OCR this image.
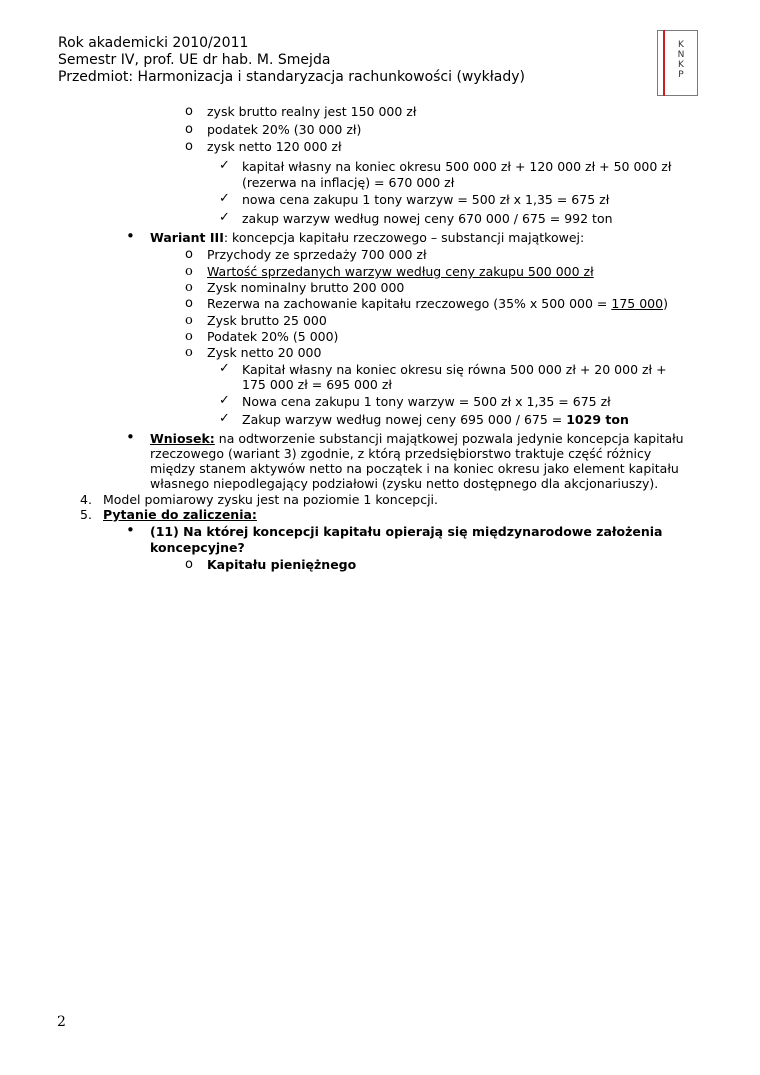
Rok akademicki 2010/2011
Semestr IV, prof. UE dr hab. M. Smejda
Przedmiot: Harmonizacja i standaryzacja rachunkowości (wykłady)
K
N
K
P
o zysk brutto realny jest 150 000 zł
o podatek 20% (30 000 zł)
o zysk netto 120 000 zł
✓ kapitał własny na koniec okresu 500 000 zł + 120 000 zł + 50 000 zł
(rezerwa na inflację) = 670 000 zł
✓ nowa cena zakupu 1 tony warzyw = 500 zł x 1,35 = 675 zł
✓ zakup warzyw według nowej ceny 670 000 / 675 = 992 ton
• Wariant III: koncepcja kapitału rzeczowego – substancji majątkowej:
o Przychody ze sprzedaży 700 000 zł
o Wartość sprzedanych warzyw według ceny zakupu 500 000 zł
o Zysk nominalny brutto 200 000
o Rezerwa na zachowanie kapitału rzeczowego (35% x 500 000 = 175 000)
o Zysk brutto 25 000
o Podatek 20% (5 000)
o Zysk netto 20 000
✓ Kapitał własny na koniec okresu się równa 500 000 zł + 20 000 zł +
175 000 zł = 695 000 zł
✓ Nowa cena zakupu 1 tony warzyw = 500 zł x 1,35 = 675 zł
✓ Zakup warzyw według nowej ceny 695 000 / 675 = 1029 ton
• Wniosek: na odtworzenie substancji majątkowej pozwala jedynie koncepcja kapitału
rzeczowego (wariant 3) zgodnie, z którą przedsiębiorstwo traktuje część różnicy
między stanem aktywów netto na początek i na koniec okresu jako element kapitału
własnego niepodlegający podziałowi (zysku netto dostępnego dla akcjonariuszy).
4. Model pomiarowy zysku jest na poziomie 1 koncepcji.
5. Pytanie do zaliczenia:
• (11) Na której koncepcji kapitału opierają się międzynarodowe założenia
koncepcyjne?
o Kapitału pieniężnego
2
